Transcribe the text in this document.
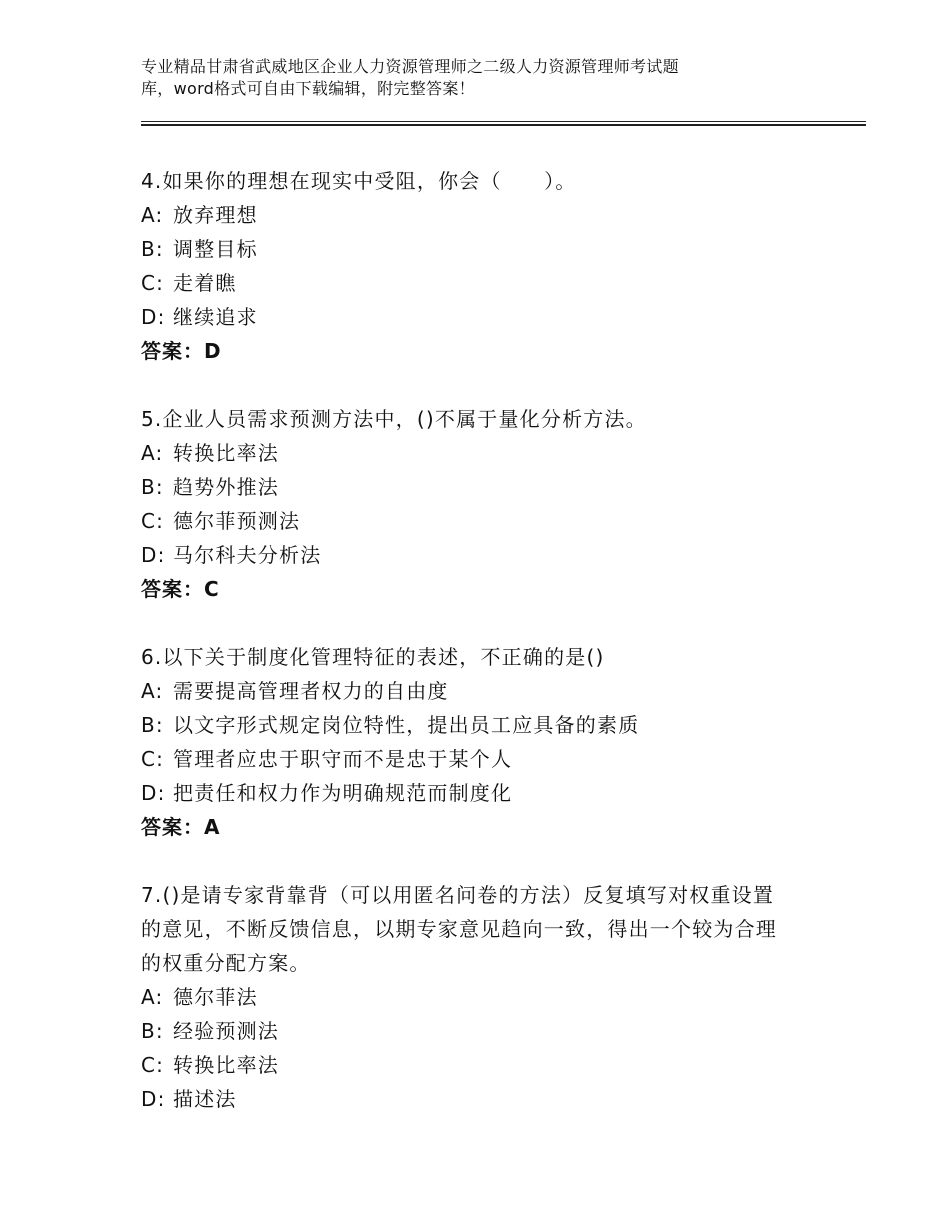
专业精品甘肃省武威地区企业人力资源管理师之二级人力资源管理师考试题
库，word格式可自由下载编辑，附完整答案！
4.如果你的理想在现实中受阻，你会（　　）。
A: 放弃理想
B: 调整目标
C: 走着瞧
D: 继续追求
答案：D
5.企业人员需求预测方法中，()不属于量化分析方法。
A: 转换比率法
B: 趋势外推法
C: 德尔菲预测法
D: 马尔科夫分析法
答案：C
6.以下关于制度化管理特征的表述，不正确的是()
A: 需要提高管理者权力的自由度
B: 以文字形式规定岗位特性，提出员工应具备的素质
C: 管理者应忠于职守而不是忠于某个人
D: 把责任和权力作为明确规范而制度化
答案：A
7.()是请专家背靠背（可以用匿名问卷的方法）反复填写对权重设置
的意见，不断反馈信息，以期专家意见趋向一致，得出一个较为合理
的权重分配方案。
A: 德尔菲法
B: 经验预测法
C: 转换比率法
D: 描述法
